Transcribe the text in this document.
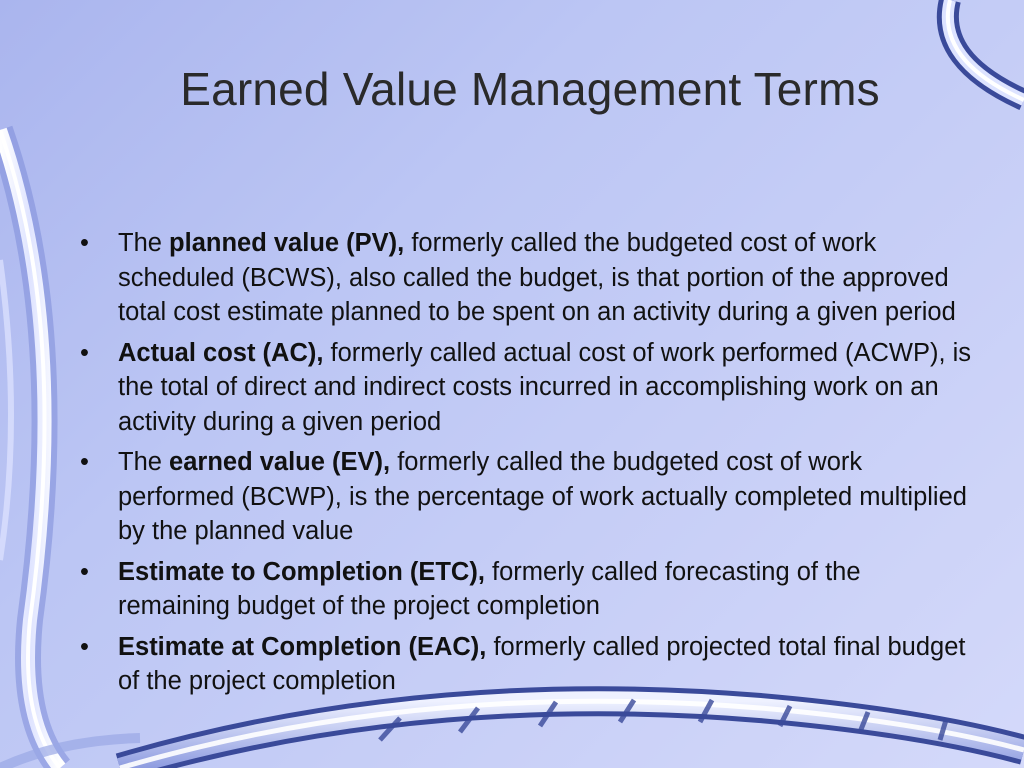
Earned Value Management Terms
• The planned value (PV), formerly called the budgeted cost of work scheduled (BCWS), also called the budget, is that portion of the approved total cost estimate planned to be spent on an activity during a given period
• Actual cost (AC), formerly called actual cost of work performed (ACWP), is the total of direct and indirect costs incurred in accomplishing work on an activity during a given period
• The earned value (EV), formerly called the budgeted cost of work performed (BCWP), is the percentage of work actually completed multiplied by the planned value
• Estimate to Completion (ETC), formerly called forecasting of the remaining budget of the project completion
• Estimate at Completion (EAC), formerly called projected total final budget of the project completion
